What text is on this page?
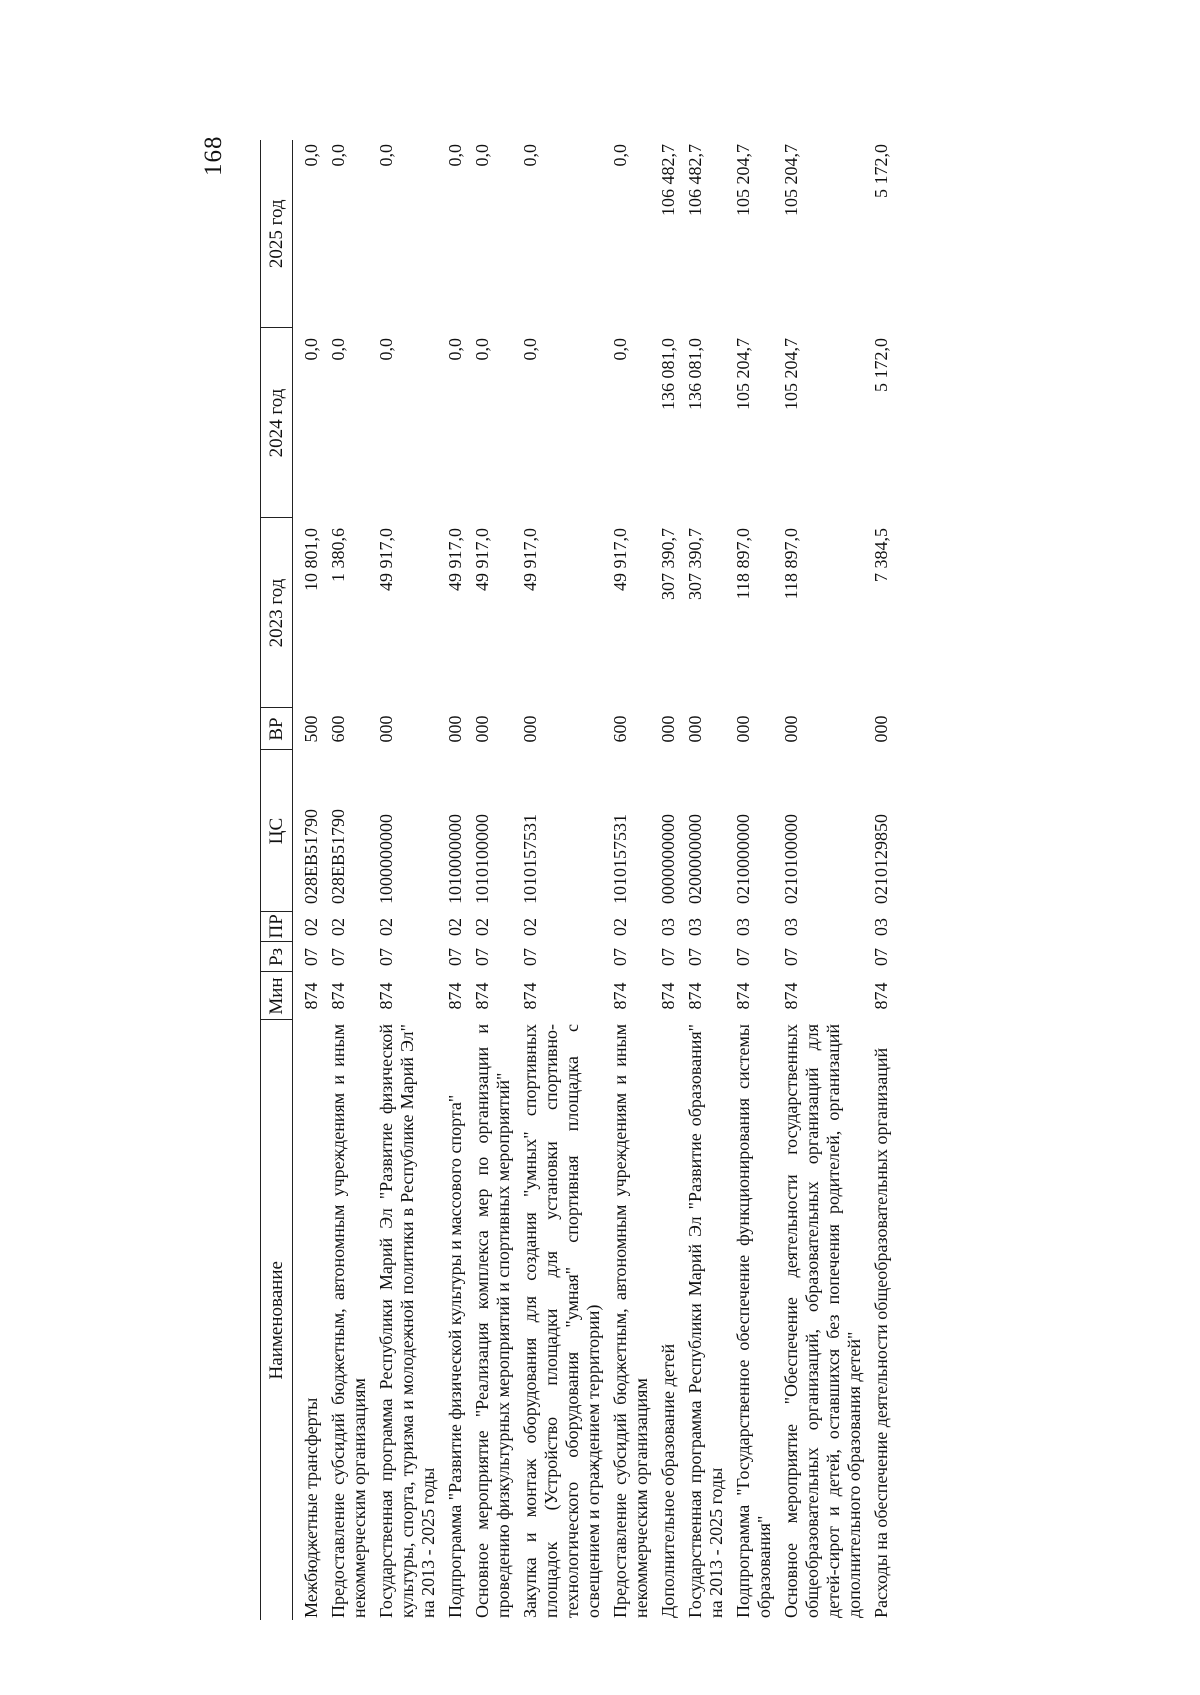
168
Наименование	Мин	Рз	ПР	ЦС	ВР	2023 год	2024 год	2025 год
Межбюджетные трансферты	874	07	02	028EВ51790	500	10 801,0	0,0	0,0
Предоставление субсидий бюджетным, автономным учреждениям и иным некоммерческим организациям	874	07	02	028EВ51790	600	1 380,6	0,0	0,0
Государственная программа Республики Марий Эл "Развитие физической культуры, спорта, туризма и молодежной политики в Республике Марий Эл" на 2013 - 2025 годы	874	07	02	1000000000	000	49 917,0	0,0	0,0
Подпрограмма "Развитие физической культуры и массового спорта"	874	07	02	1010000000	000	49 917,0	0,0	0,0
Основное мероприятие "Реализация комплекса мер по организации и проведению физкультурных мероприятий и спортивных мероприятий"	874	07	02	1010100000	000	49 917,0	0,0	0,0
Закупка и монтаж оборудования для создания "умных" спортивных площадок (Устройство площадки для установки спортивно-технологического оборудования "умная" спортивная площадка с освещением и ограждением территории)	874	07	02	1010157531	000	49 917,0	0,0	0,0
Предоставление субсидий бюджетным, автономным учреждениям и иным некоммерческим организациям	874	07	02	1010157531	600	49 917,0	0,0	0,0
Дополнительное образование детей	874	07	03	0000000000	000	307 390,7	136 081,0	106 482,7
Государственная программа Республики Марий Эл "Развитие образования" на 2013 - 2025 годы	874	07	03	0200000000	000	307 390,7	136 081,0	106 482,7
Подпрограмма "Государственное обеспечение функционирования системы образования"	874	07	03	0210000000	000	118 897,0	105 204,7	105 204,7
Основное мероприятие "Обеспечение деятельности государственных общеобразовательных организаций, образовательных организаций для детей-сирот и детей, оставшихся без попечения родителей, организаций дополнительного образования детей"	874	07	03	0210100000	000	118 897,0	105 204,7	105 204,7
Расходы на обеспечение деятельности общеобразовательных организаций	874	07	03	0210129850	000	7 384,5	5 172,0	5 172,0
